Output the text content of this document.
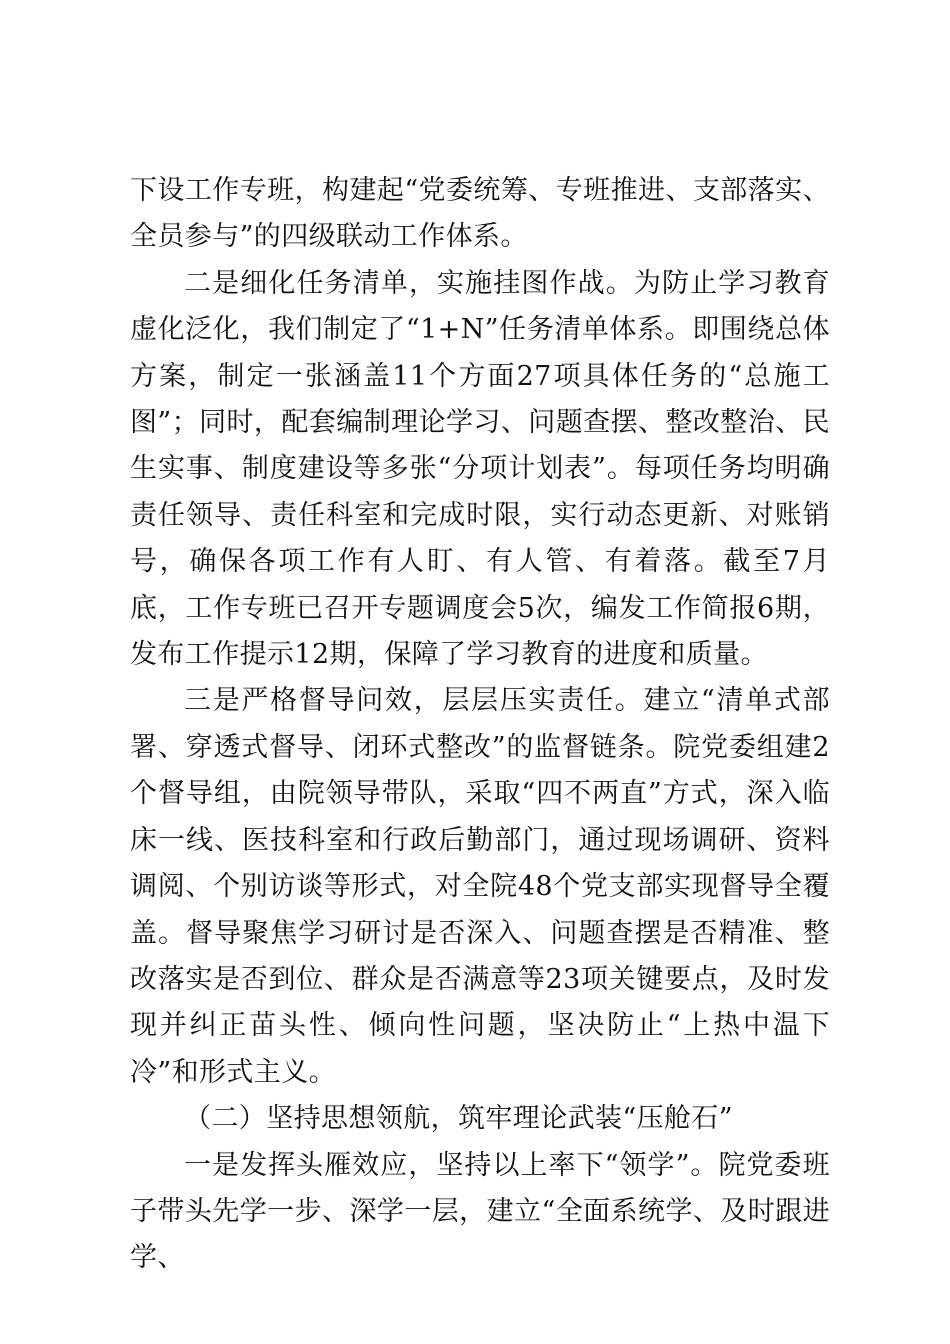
下设工作专班，构建起“党委统筹、专班推进、支部落实、全员参与”的四级联动工作体系。

二是细化任务清单，实施挂图作战。为防止学习教育虚化泛化，我们制定了“1+N”任务清单体系。即围绕总体方案，制定一张涵盖11个方面27项具体任务的“总施工图”；同时，配套编制理论学习、问题查摆、整改整治、民生实事、制度建设等多张“分项计划表”。每项任务均明确责任领导、责任科室和完成时限，实行动态更新、对账销号，确保各项工作有人盯、有人管、有着落。截至7月底，工作专班已召开专题调度会5次，编发工作简报6期，发布工作提示12期，保障了学习教育的进度和质量。

三是严格督导问效，层层压实责任。建立“清单式部署、穿透式督导、闭环式整改”的监督链条。院党委组建2个督导组，由院领导带队，采取“四不两直”方式，深入临床一线、医技科室和行政后勤部门，通过现场调研、资料调阅、个别访谈等形式，对全院48个党支部实现督导全覆盖。督导聚焦学习研讨是否深入、问题查摆是否精准、整改落实是否到位、群众是否满意等23项关键要点，及时发现并纠正苗头性、倾向性问题，坚决防止“上热中温下冷”和形式主义。

（二）坚持思想领航，筑牢理论武装“压舱石”

一是发挥头雁效应，坚持以上率下“领学”。院党委班子带头先学一步、深学一层，建立“全面系统学、及时跟进学、
